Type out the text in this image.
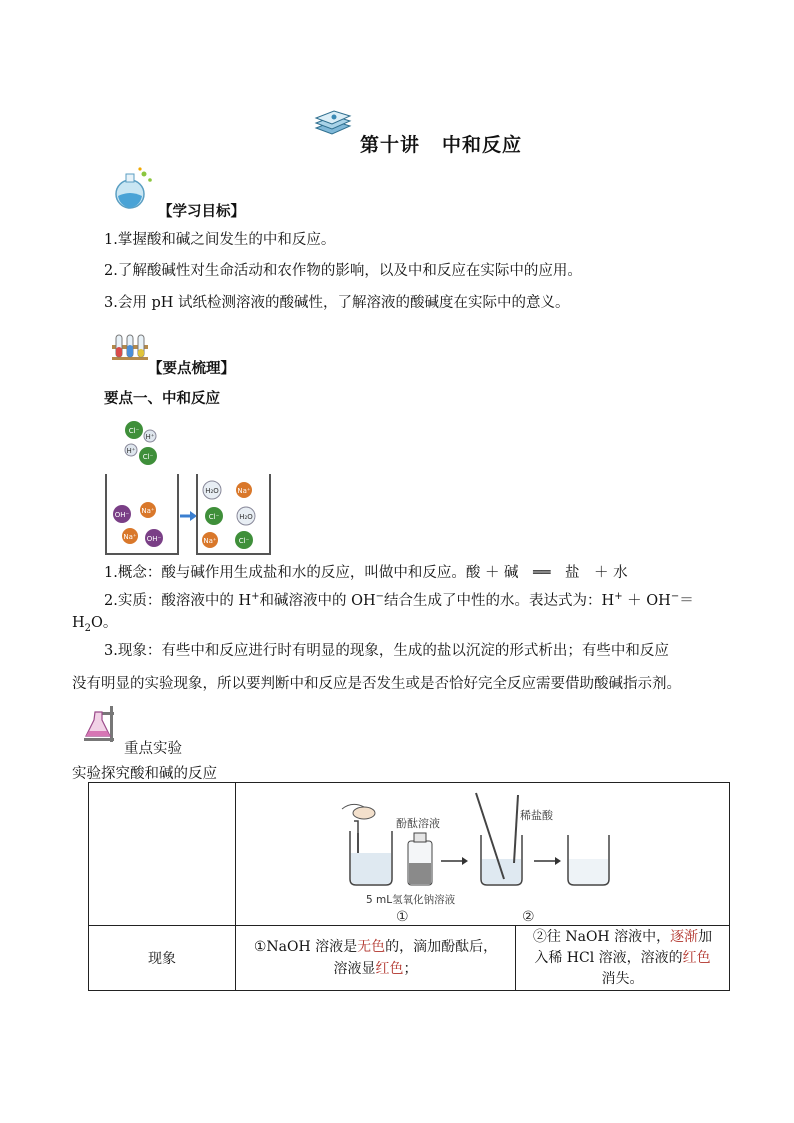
第十讲 中和反应
【学习目标】
1.掌握酸和碱之间发生的中和反应。
2.了解酸碱性对生命活动和农作物的影响，以及中和反应在实际中的应用。
3.会用 pH 试纸检测溶液的酸碱性，了解溶液的酸碱度在实际中的意义。
【要点梳理】
要点一、中和反应
Cl⁻
H⁺
H⁺
Cl⁻
OH⁻ Na⁺
Na⁺ OH⁻
H₂O	Na⁺
Cl⁻	H₂O
Na⁺	Cl⁻
1.概念：酸与碱作用生成盐和水的反应，叫做中和反应。酸 ＋ 碱　══　盐　＋ 水
2.实质：酸溶液中的 H+和碱溶液中的 OH−结合生成了中性的水。表达式为：H+ ＋ OH−＝
$H_2O$。
3.现象：有些中和反应进行时有明显的现象，生成的盐以沉淀的形式析出；有些中和反应
没有明显的实验现象，所以要判断中和反应是否发生或是否恰好完全反应需要借助酸碱指示剂。
重点实验
实验探究酸和碱的反应

酚酞溶液
稀盐酸
5 mL氢氧化钠溶液
① ②	

现象	①NaOH 溶液是无色的，滴加酚酞后，
溶液显红色；	②往 NaOH 溶液中，逐渐加
入稀 HCl 溶液，溶液的红色
消失。
